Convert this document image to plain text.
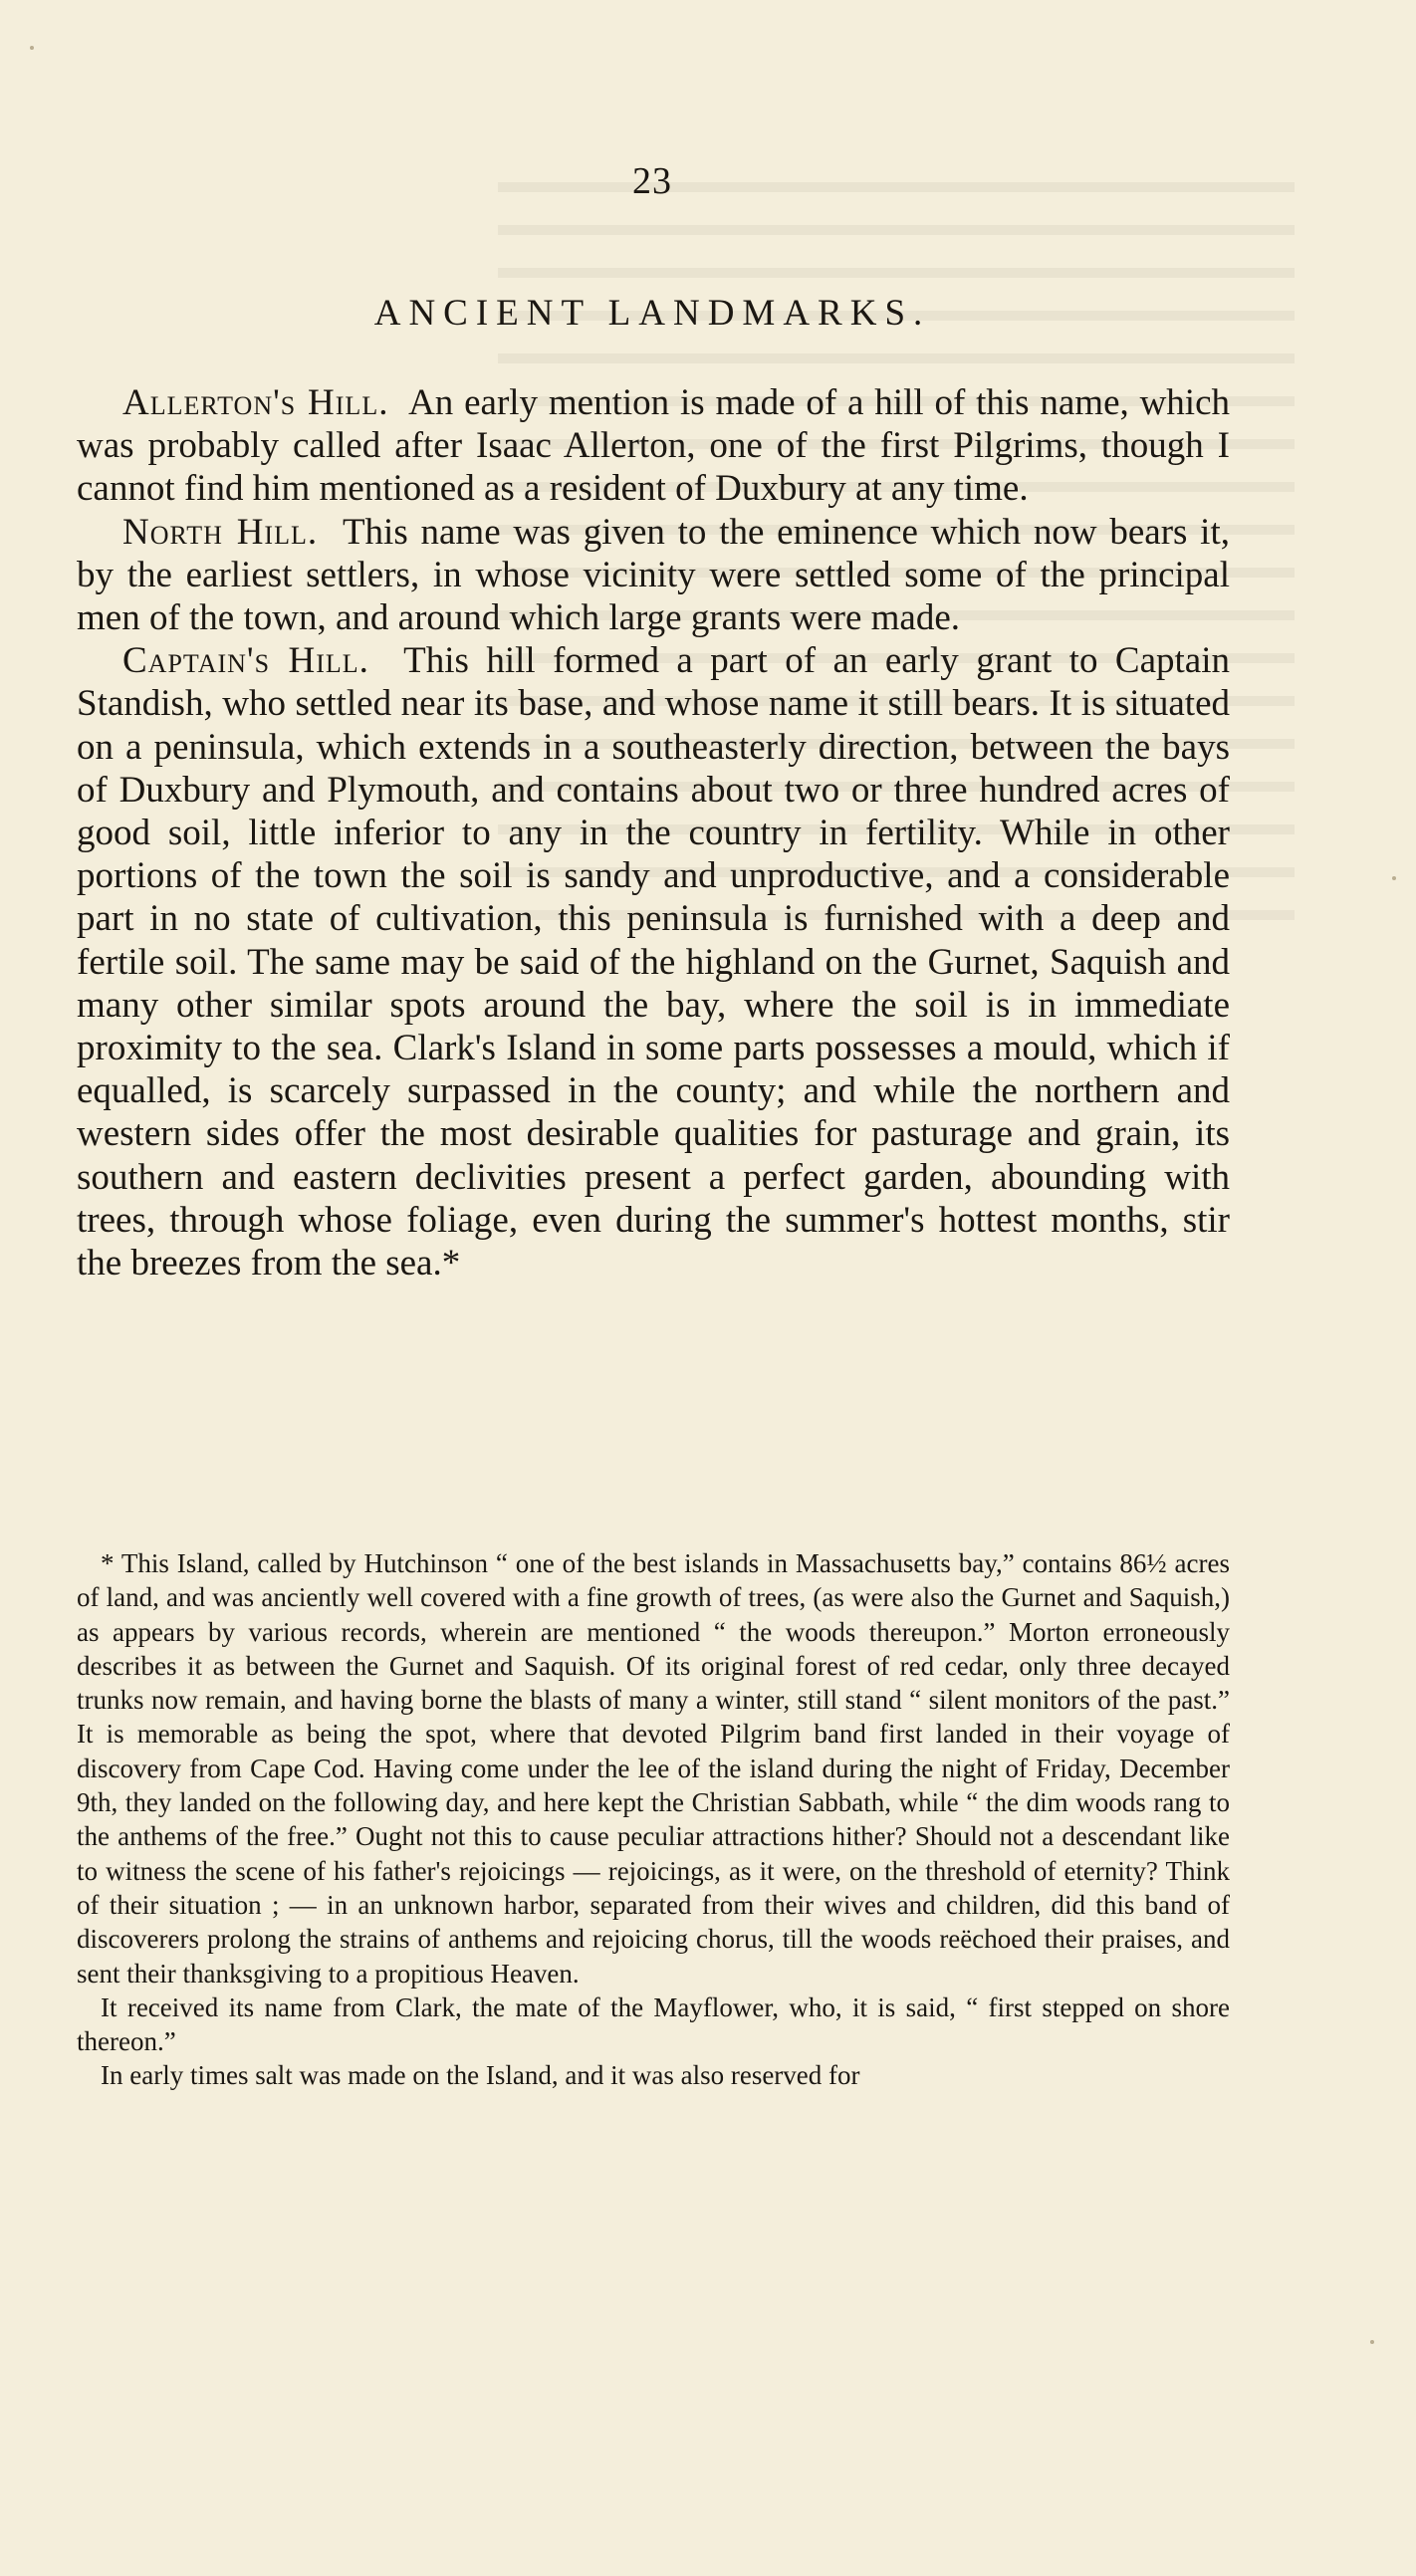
23
ANCIENT LANDMARKS.

Allerton's Hill. An early mention is made of a hill of this name, which was probably called after Isaac Allerton, one of the first Pilgrims, though I cannot find him mentioned as a resident of Duxbury at any time.

North Hill. This name was given to the eminence which now bears it, by the earliest settlers, in whose vicinity were settled some of the principal men of the town, and around which large grants were made.

Captain's Hill. This hill formed a part of an early grant to Captain Standish, who settled near its base, and whose name it still bears. It is situated on a peninsula, which extends in a southeasterly direction, between the bays of Duxbury and Plymouth, and contains about two or three hundred acres of good soil, little inferior to any in the country in fertility. While in other portions of the town the soil is sandy and unproductive, and a considerable part in no state of cultivation, this peninsula is furnished with a deep and fertile soil. The same may be said of the highland on the Gurnet, Saquish and many other similar spots around the bay, where the soil is in immediate proximity to the sea. Clark's Island in some parts possesses a mould, which if equalled, is scarcely surpassed in the county; and while the northern and western sides offer the most desirable qualities for pasturage and grain, its southern and eastern declivities present a perfect garden, abounding with trees, through whose foliage, even during the summer's hottest months, stir the breezes from the sea.*

* This Island, called by Hutchinson “ one of the best islands in Massachusetts bay,” contains 86½ acres of land, and was anciently well covered with a fine growth of trees, (as were also the Gurnet and Saquish,) as appears by various records, wherein are mentioned “ the woods thereupon.” Morton erroneously describes it as between the Gurnet and Saquish. Of its original forest of red cedar, only three decayed trunks now remain, and having borne the blasts of many a winter, still stand “ silent monitors of the past.” It is memorable as being the spot, where that devoted Pilgrim band first landed in their voyage of discovery from Cape Cod. Having come under the lee of the island during the night of Friday, December 9th, they landed on the following day, and here kept the Christian Sabbath, while “ the dim woods rang to the anthems of the free.” Ought not this to cause peculiar attractions hither? Should not a descendant like to witness the scene of his father's rejoicings — rejoicings, as it were, on the threshold of eternity? Think of their situation ; — in an unknown harbor, separated from their wives and children, did this band of discoverers prolong the strains of anthems and rejoicing chorus, till the woods reëchoed their praises, and sent their thanksgiving to a propitious Heaven.

It received its name from Clark, the mate of the Mayflower, who, it is said, “ first stepped on shore thereon.”

In early times salt was made on the Island, and it was also reserved for
